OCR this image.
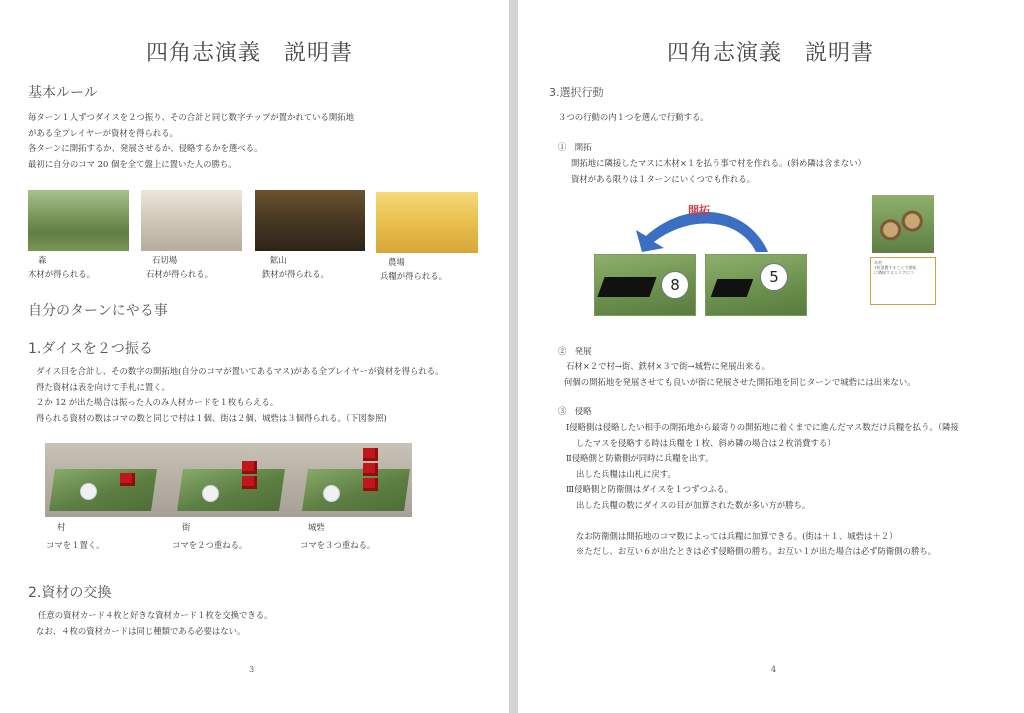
四角志演義　説明書
基本ルール
毎ターン１人ずつダイスを２つ振り、その合計と同じ数字チップが置かれている開拓地
がある全プレイヤーが資材を得られる。
各ターンに開拓するか、発展させるか、侵略するかを選べる。
最初に自分のコマ 20 個を全て盤上に置いた人の勝ち。
森
木材が得られる。
石切場
石材が得られる。
鉱山
鉄材が得られる。
農場
兵糧が得られる。
自分のターンにやる事
1.ダイスを２つ振る
ダイス目を合計し、その数字の開拓地(自分のコマが置いてあるマス)がある全プレイヤーが資材を得られる。
得た資材は表を向けて手札に置く。
２か 12 が出た場合は振った人のみ人材カードを１枚もらえる。
得られる資材の数はコマの数と同じで村は１個、街は２個、城砦は３個得られる。（下図参照)
村
コマを１置く。
街
コマを２つ重ねる。
城砦
コマを３つ重ねる。
2.資材の交換
任意の資材カード４枚と好きな資材カード１枚を交換できる。
なお、４枚の資材カードは同じ種類である必要はない。
3
四角志演義　説明書
3.選択行動
３つの行動の内１つを選んで行動する。
①　開拓
開拓地に隣接したマスに木材×１を払う事で村を作れる。(斜め隣は含まない）
資材がある限りは１ターンにいくつでも作れる。
開拓
8	5
木材
1枚消費することで開拓
に隣接するエリアにコ
②　発展
石材×２で村→街、鉄材×３で街→城砦に発展出来る。
何個の開拓地を発展させても良いが街に発展させた開拓地を同じターンで城砦には出来ない。
③　侵略
Ⅰ侵略側は侵略したい相手の開拓地から最寄りの開拓地に着くまでに進んだマス数だけ兵糧を払う。（隣接
したマスを侵略する時は兵糧を１枚、斜め隣の場合は２枚消費する）
Ⅱ侵略側と防衛側が同時に兵糧を出す。
出した兵糧は山札に戻す。
Ⅲ侵略側と防衛側はダイスを１つずつふる。
出した兵糧の数にダイスの目が加算された数が多い方が勝ち。
なお防衛側は開拓地のコマ数によっては兵糧に加算できる。(街は＋１、城砦は＋２）
※ただし、お互い６が出たときは必ず侵略側の勝ち。お互い１が出た場合は必ず防衛側の勝ち。
4
